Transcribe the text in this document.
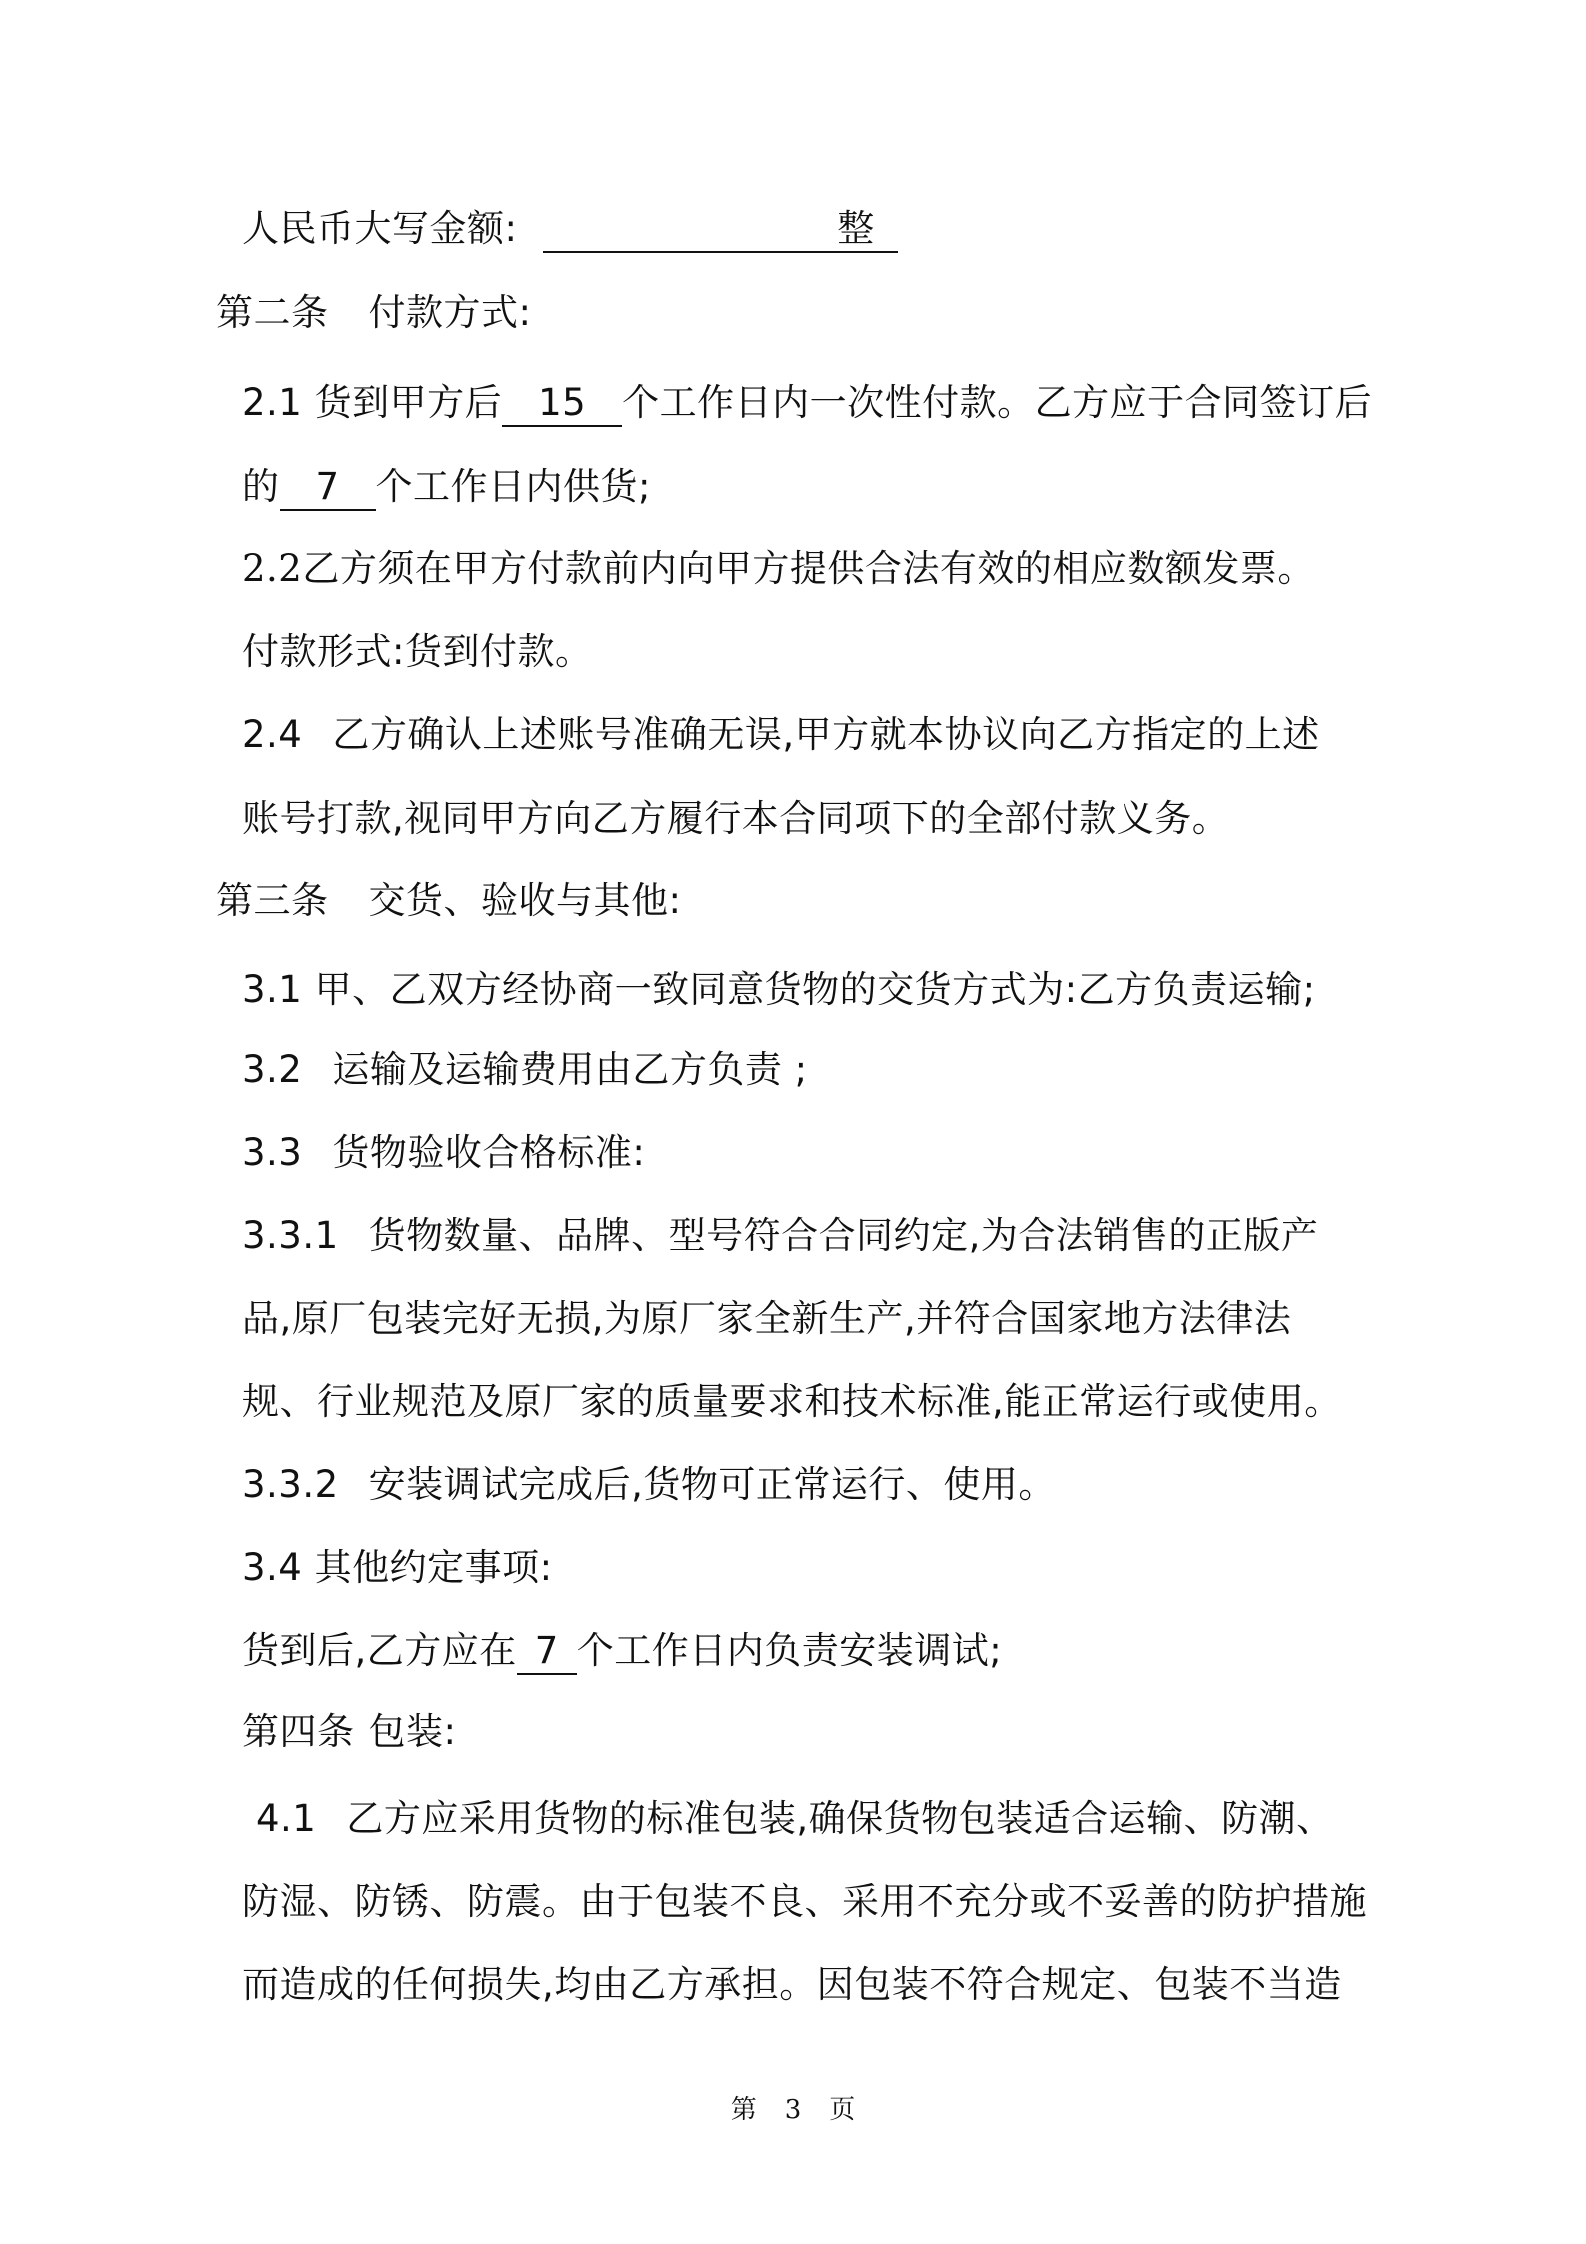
人民币大写金额:	整
第二条 付款方式:
2.1 货到甲方后 15 个工作日内一次性付款。乙方应于合同签订后
的 7 个工作日内供货;
2.2乙方须在甲方付款前内向甲方提供合法有效的相应数额发票。
付款形式:货到付款。
2.4 乙方确认上述账号准确无误,甲方就本协议向乙方指定的上述
账号打款,视同甲方向乙方履行本合同项下的全部付款义务。
第三条 交货、验收与其他:
3.1 甲、乙双方经协商一致同意货物的交货方式为:乙方负责运输;
3.2 运输及运输费用由乙方负责 ;
3.3 货物验收合格标准:
3.3.1 货物数量、品牌、型号符合合同约定,为合法销售的正版产
品,原厂包装完好无损,为原厂家全新生产,并符合国家地方法律法
规、行业规范及原厂家的质量要求和技术标准,能正常运行或使用。
3.3.2 安装调试完成后,货物可正常运行、使用。
3.4 其他约定事项:
货到后,乙方应在 7 个工作日内负责安装调试;
第四条 包装:
4.1 乙方应采用货物的标准包装,确保货物包装适合运输、防潮、
防湿、防锈、防震。由于包装不良、采用不充分或不妥善的防护措施
而造成的任何损失,均由乙方承担。因包装不符合规定、包装不当造
第 3 页
